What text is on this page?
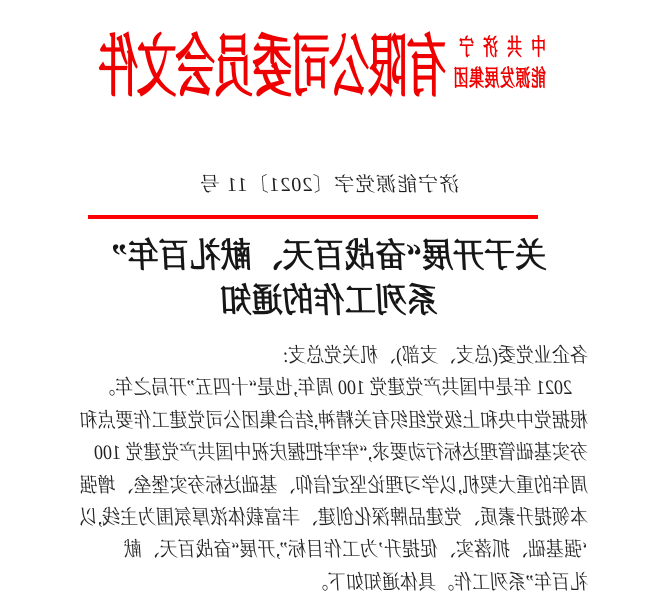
中共济宁
能源发展集团
有限公司委员会文件
济宁能源党字〔2021〕11 号
关于开展“奋战百天、献礼百年”
系列工作的通知
各企业党委(总支、支部)、机关党总支:
2021 年是中国共产党建党 100 周年,也是“十四五”开局之年。
根据党中央和上级党组织有关精神,结合集团公司党建工作要点和
夯实基础管理达标行动要求,“牢牢把握庆祝中国共产党建党 100
周年的重大契机,以学习理论坚定信仰、基础达标夯实堡垒、增强
本领提升素质、党建品牌深化创建、丰富载体浓厚氛围为主线,以
‘强基础、抓落实、促提升’为工作目标”,开展“奋战百天、献
礼百年”系列工作。具体通知如下。
